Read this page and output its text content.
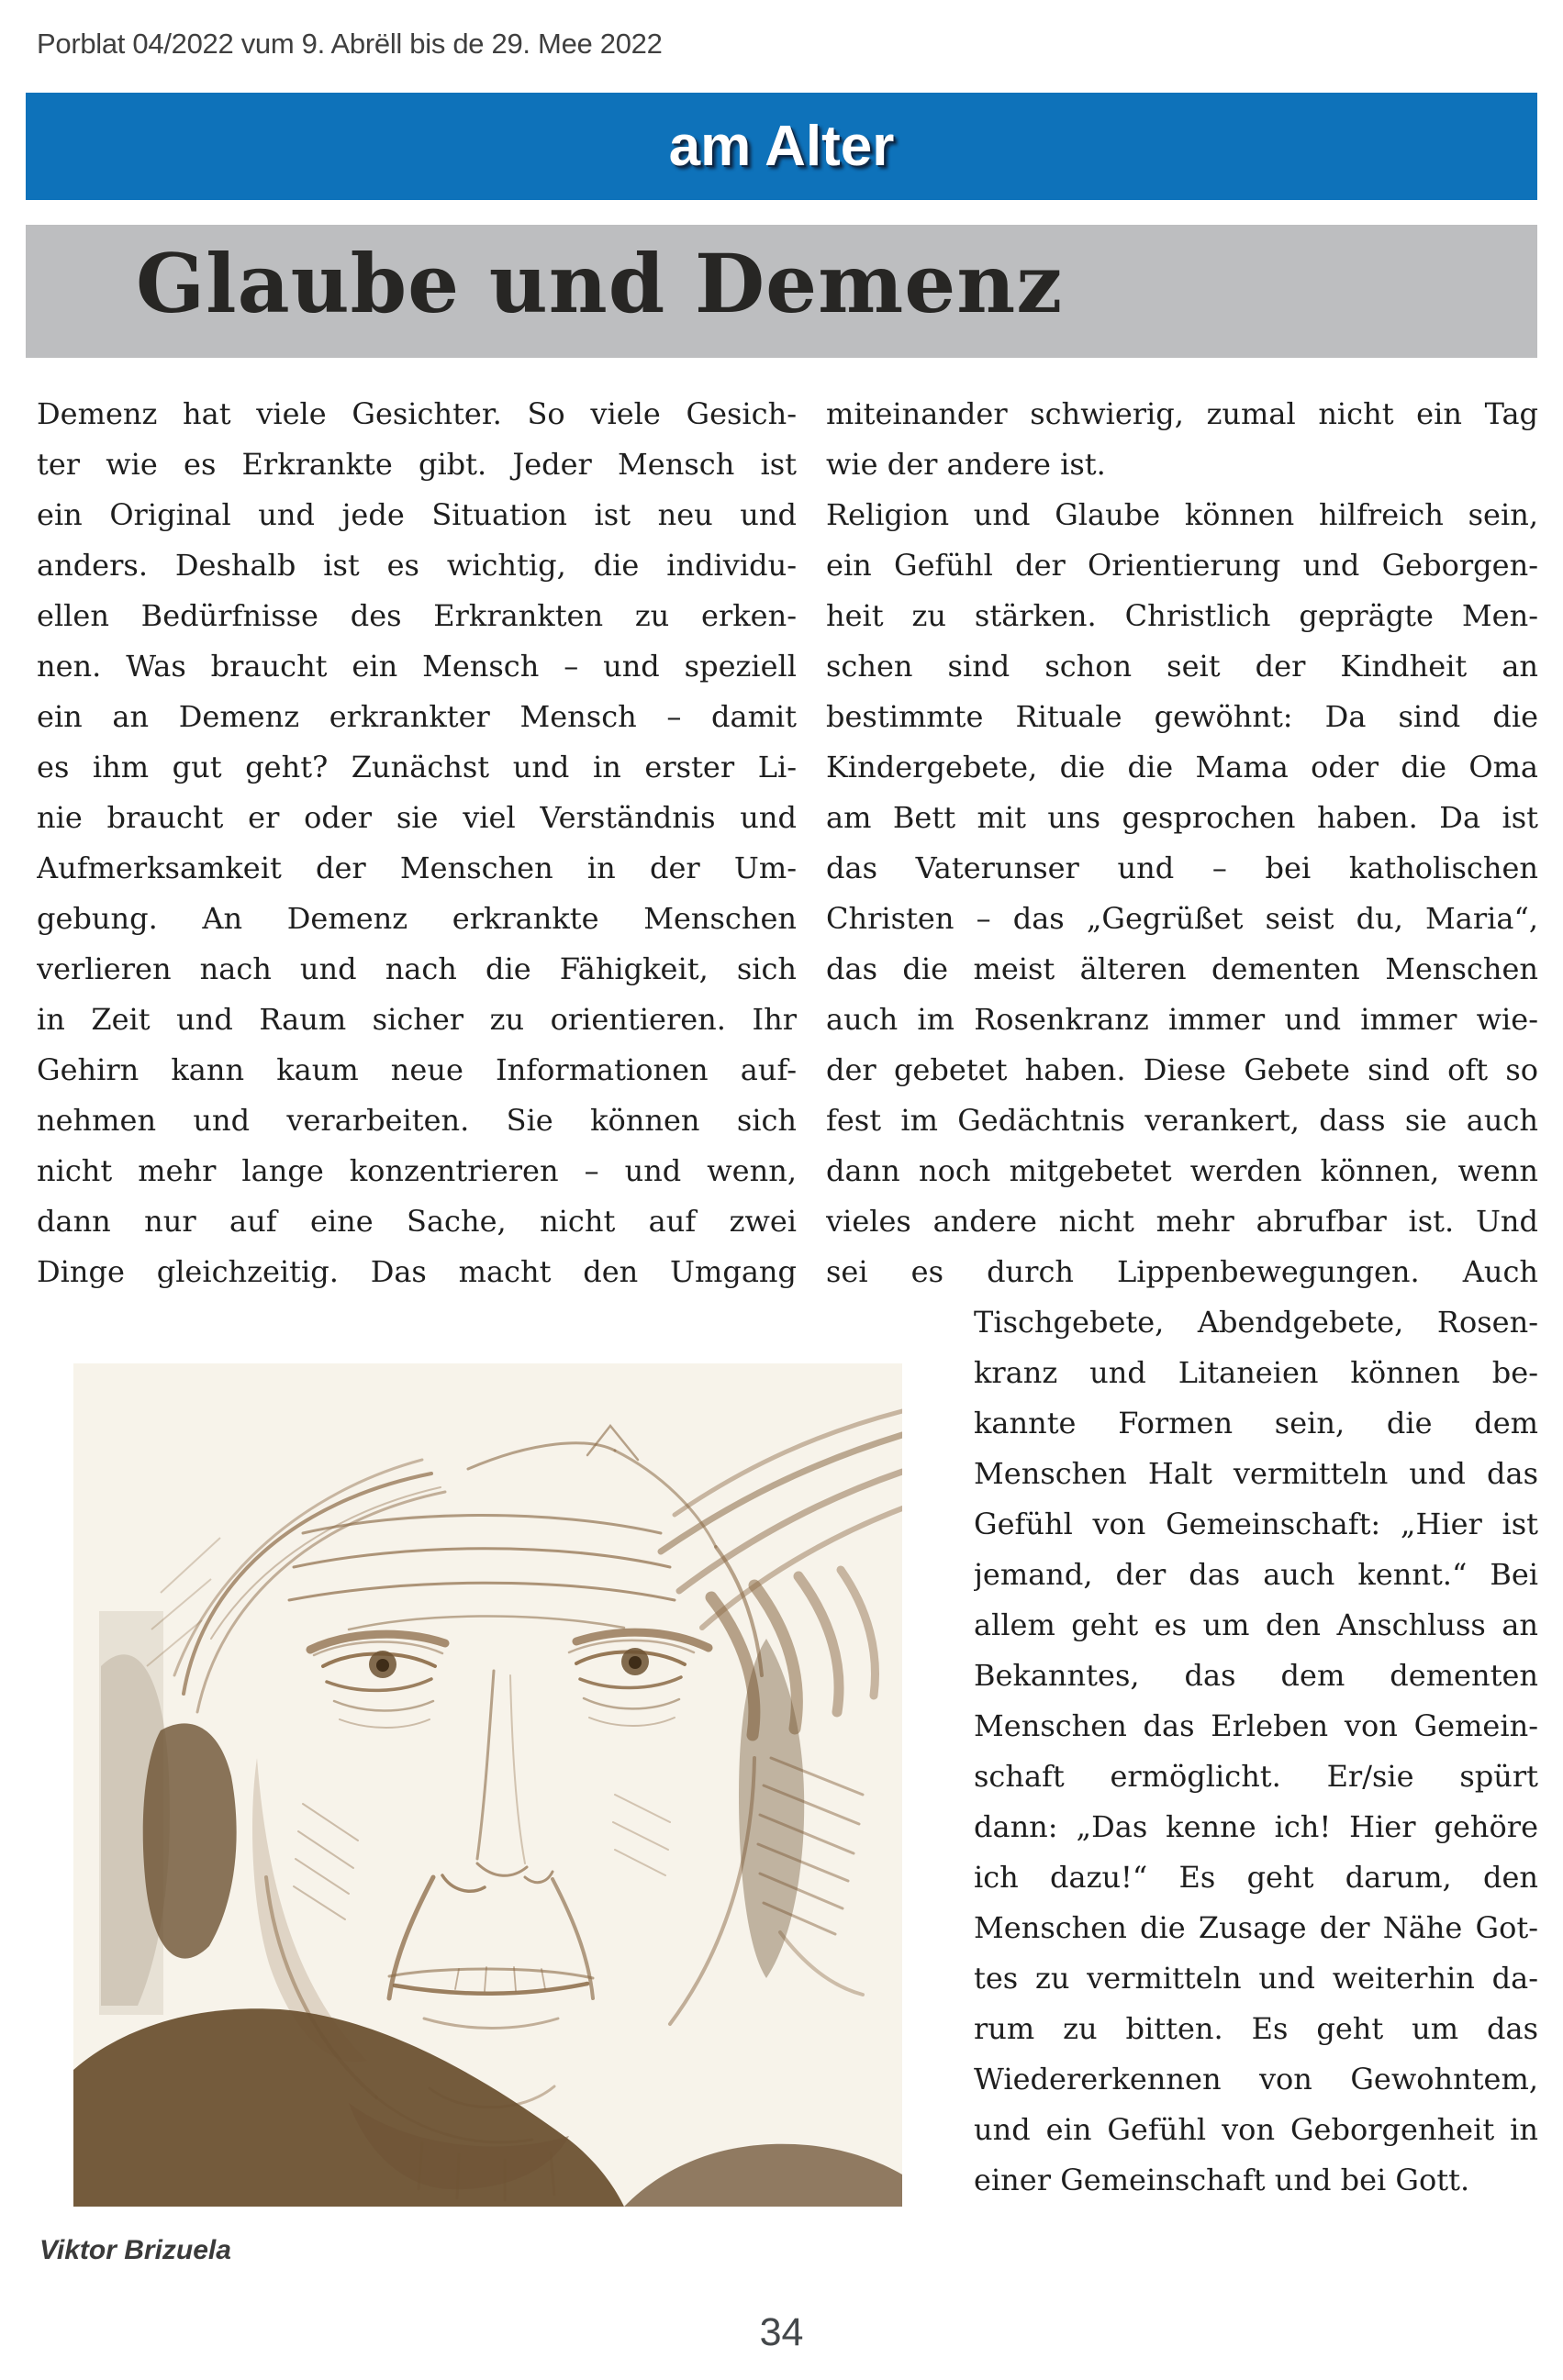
Porblat 04/2022 vum 9. Abrëll bis de 29. Mee 2022
am Alter
Glaube und Demenz
Demenz hat viele Gesichter. So viele Gesich-
ter wie es Erkrankte gibt. Jeder Mensch ist
ein Original und jede Situation ist neu und
anders. Deshalb ist es wichtig, die individu-
ellen Bedürfnisse des Erkrankten zu erken-
nen. Was braucht ein Mensch – und speziell
ein an Demenz erkrankter Mensch – damit
es ihm gut geht? Zunächst und in erster Li-
nie braucht er oder sie viel Verständnis und
Aufmerksamkeit der Menschen in der Um-
gebung. An Demenz erkrankte Menschen
verlieren nach und nach die Fähigkeit, sich
in Zeit und Raum sicher zu orientieren. Ihr
Gehirn kann kaum neue Informationen auf-
nehmen und verarbeiten. Sie können sich
nicht mehr lange konzentrieren – und wenn,
dann nur auf eine Sache, nicht auf zwei
Dinge gleichzeitig. Das macht den Umgang
miteinander schwierig, zumal nicht ein Tag
wie der andere ist.
Religion und Glaube können hilfreich sein,
ein Gefühl der Orientierung und Geborgen-
heit zu stärken. Christlich geprägte Men-
schen sind schon seit der Kindheit an
bestimmte Rituale gewöhnt: Da sind die
Kindergebete, die die Mama oder die Oma
am Bett mit uns gesprochen haben. Da ist
das Vaterunser und – bei katholischen
Christen – das „Gegrüßet seist du, Maria“,
das die meist älteren dementen Menschen
auch im Rosenkranz immer und immer wie-
der gebetet haben. Diese Gebete sind oft so
fest im Gedächtnis verankert, dass sie auch
dann noch mitgebetet werden können, wenn
vieles andere nicht mehr abrufbar ist. Und
sei es durch Lippenbewegungen. Auch
Tischgebete, Abendgebete, Rosen-
kranz und Litaneien können be-
kannte Formen sein, die dem
Menschen Halt vermitteln und das
Gefühl von Gemeinschaft: „Hier ist
jemand, der das auch kennt.“ Bei
allem geht es um den Anschluss an
Bekanntes, das dem dementen
Menschen das Erleben von Gemein-
schaft ermöglicht. Er/sie spürt
dann: „Das kenne ich! Hier gehöre
ich dazu!“ Es geht darum, den
Menschen die Zusage der Nähe Got-
tes zu vermitteln und weiterhin da-
rum zu bitten. Es geht um das
Wiedererkennen von Gewohntem,
und ein Gefühl von Geborgenheit in
einer Gemeinschaft und bei Gott.
Viktor Brizuela
34
